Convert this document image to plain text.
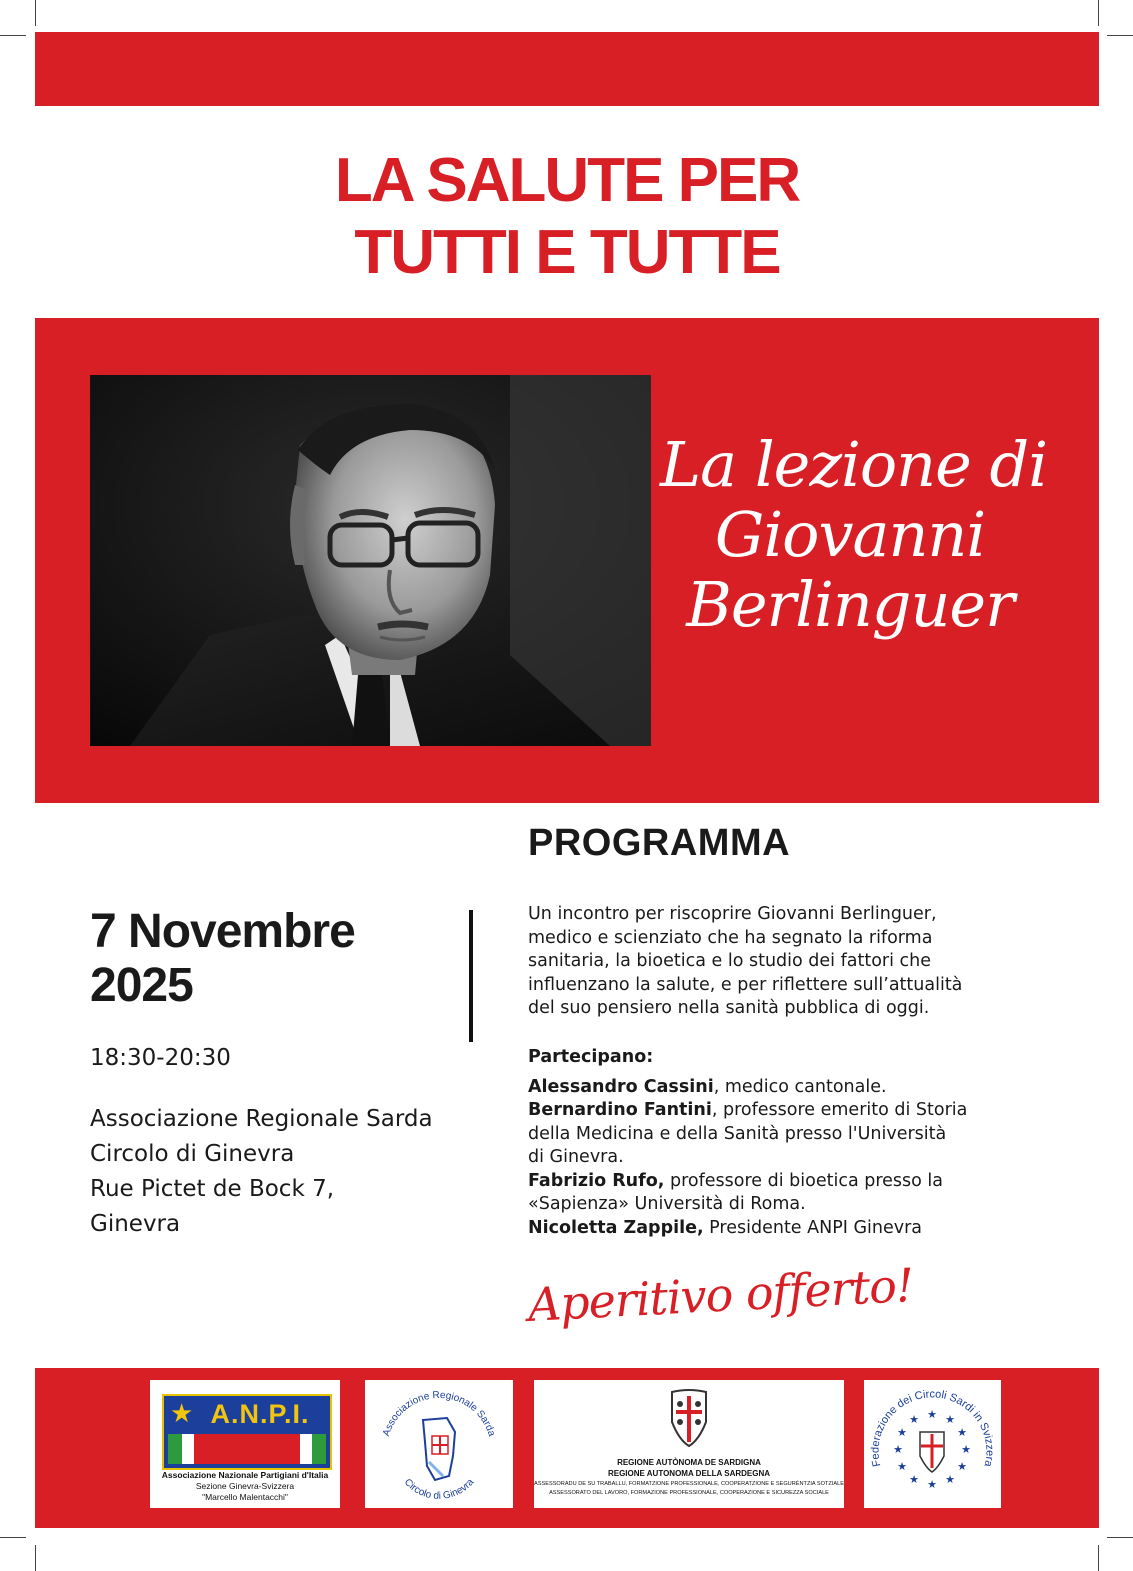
LA SALUTE PER
TUTTI E TUTTE
La lezione di
Giovanni
Berlinguer
PROGRAMMA
7 Novembre
2025
18:30-20:30
Associazione Regionale Sarda
Circolo di Ginevra
Rue Pictet de Bock 7,
Ginevra
Un incontro per riscoprire Giovanni Berlinguer,
medico e scienziato che ha segnato la riforma
sanitaria, la bioetica e lo studio dei fattori che
influenzano la salute, e per riflettere sull’attualità
del suo pensiero nella sanità pubblica di oggi.
Partecipano:
Alessandro Cassini, medico cantonale.
Bernardino Fantini, professore emerito di Storia
della Medicina e della Sanità presso l'Università
di Ginevra.
Fabrizio Rufo, professore di bioetica presso la
«Sapienza» Università di Roma.
Nicoletta Zappile, Presidente ANPI Ginevra
Aperitivo offerto!
★ A.N.P.I.
Associazione Nazionale Partigiani d'Italia
Sezione Ginevra-Svizzera
"Marcello Malentacchi"
Associazione Regionale Sarda
Circolo di Ginevra
REGIONE AUTÒNOMA DE SARDIGNA
REGIONE AUTONOMA DELLA SARDEGNA
ASSESSORADU DE SU TRABALLU, FORMATZIONE PROFESSIONALE, COOPERATZIONE E SEGURÈNTZIA SOTZIALE
ASSESSORATO DEL LAVORO, FORMAZIONE PROFESSIONALE, COOPERAZIONE E SICUREZZA SOCIALE
Federazione dei Circoli Sardi in Svizzera
★ ★
★
★
★
★
★
★
★
★
★
★
